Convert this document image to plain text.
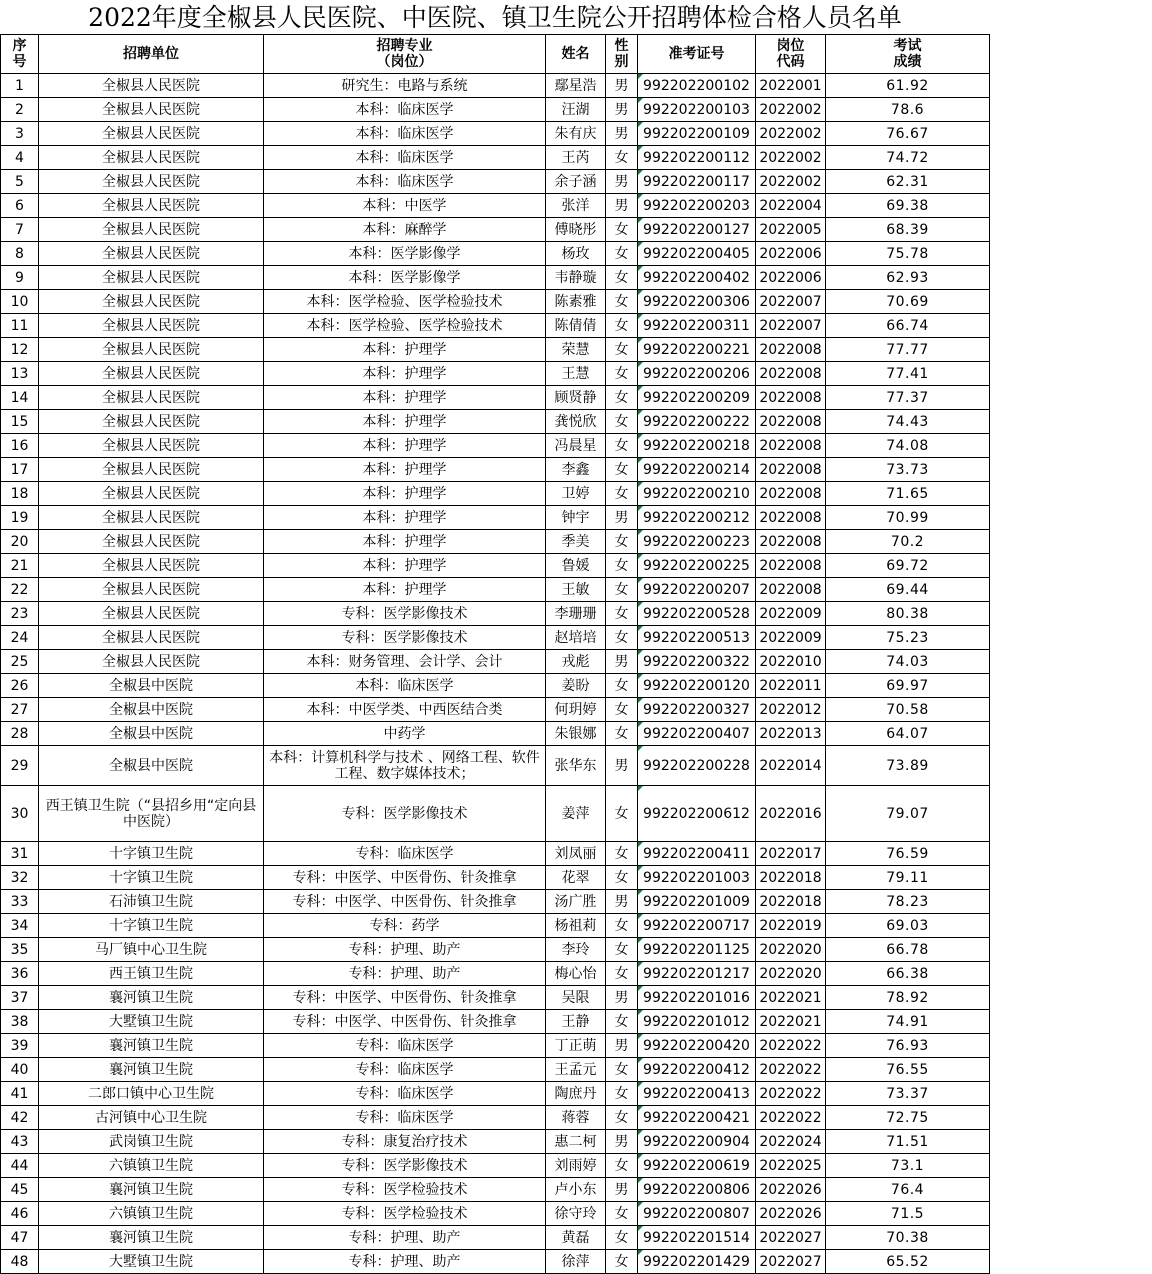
2022年度全椒县人民医院、中医院、镇卫生院公开招聘体检合格人员名单
序号	招聘单位	招聘专业（岗位）	姓名	性别	准考证号	岗位代码	考试成绩
1	全椒县人民医院	研究生：电路与系统	鄢星浩	男	992202200102	2022001	61.92
2	全椒县人民医院	本科：临床医学	汪湖	男	992202200103	2022002	78.6
3	全椒县人民医院	本科：临床医学	朱有庆	男	992202200109	2022002	76.67
4	全椒县人民医院	本科：临床医学	王芮	女	992202200112	2022002	74.72
5	全椒县人民医院	本科：临床医学	余子涵	男	992202200117	2022002	62.31
6	全椒县人民医院	本科：中医学	张洋	男	992202200203	2022004	69.38
7	全椒县人民医院	本科：麻醉学	傅晓彤	女	992202200127	2022005	68.39
8	全椒县人民医院	本科：医学影像学	杨玫	女	992202200405	2022006	75.78
9	全椒县人民医院	本科：医学影像学	韦静璇	女	992202200402	2022006	62.93
10	全椒县人民医院	本科：医学检验、医学检验技术	陈素雅	女	992202200306	2022007	70.69
11	全椒县人民医院	本科：医学检验、医学检验技术	陈倩倩	女	992202200311	2022007	66.74
12	全椒县人民医院	本科：护理学	荣慧	女	992202200221	2022008	77.77
13	全椒县人民医院	本科：护理学	王慧	女	992202200206	2022008	77.41
14	全椒县人民医院	本科：护理学	顾贤静	女	992202200209	2022008	77.37
15	全椒县人民医院	本科：护理学	龚悦欣	女	992202200222	2022008	74.43
16	全椒县人民医院	本科：护理学	冯晨星	女	992202200218	2022008	74.08
17	全椒县人民医院	本科：护理学	李鑫	女	992202200214	2022008	73.73
18	全椒县人民医院	本科：护理学	卫婷	女	992202200210	2022008	71.65
19	全椒县人民医院	本科：护理学	钟宇	男	992202200212	2022008	70.99
20	全椒县人民医院	本科：护理学	季美	女	992202200223	2022008	70.2
21	全椒县人民医院	本科：护理学	鲁媛	女	992202200225	2022008	69.72
22	全椒县人民医院	本科：护理学	王敏	女	992202200207	2022008	69.44
23	全椒县人民医院	专科：医学影像技术	李珊珊	女	992202200528	2022009	80.38
24	全椒县人民医院	专科：医学影像技术	赵培培	女	992202200513	2022009	75.23
25	全椒县人民医院	本科：财务管理、会计学、会计	戎彪	男	992202200322	2022010	74.03
26	全椒县中医院	本科：临床医学	姜盼	女	992202200120	2022011	69.97
27	全椒县中医院	本科：中医学类、中西医结合类	何玥婷	女	992202200327	2022012	70.58
28	全椒县中医院	中药学	朱银娜	女	992202200407	2022013	64.07
29	全椒县中医院	本科：计算机科学与技术 、网络工程、软件工程、数字媒体技术；	张华东	男	992202200228	2022014	73.89
30	西王镇卫生院（“县招乡用“定向县中医院）	专科：医学影像技术	姜萍	女	992202200612	2022016	79.07
31	十字镇卫生院	专科：临床医学	刘凤丽	女	992202200411	2022017	76.59
32	十字镇卫生院	专科：中医学、中医骨伤、针灸推拿	花翠	女	992202201003	2022018	79.11
33	石沛镇卫生院	专科：中医学、中医骨伤、针灸推拿	汤广胜	男	992202201009	2022018	78.23
34	十字镇卫生院	专科：药学	杨祖莉	女	992202200717	2022019	69.03
35	马厂镇中心卫生院	专科：护理、助产	李玲	女	992202201125	2022020	66.78
36	西王镇卫生院	专科：护理、助产	梅心怡	女	992202201217	2022020	66.38
37	襄河镇卫生院	专科：中医学、中医骨伤、针灸推拿	吴限	男	992202201016	2022021	78.92
38	大墅镇卫生院	专科：中医学、中医骨伤、针灸推拿	王静	女	992202201012	2022021	74.91
39	襄河镇卫生院	专科：临床医学	丁正萌	男	992202200420	2022022	76.93
40	襄河镇卫生院	专科：临床医学	王孟元	女	992202200412	2022022	76.55
41	二郎口镇中心卫生院	专科：临床医学	陶庶丹	女	992202200413	2022022	73.37
42	古河镇中心卫生院	专科：临床医学	蒋蓉	女	992202200421	2022022	72.75
43	武岗镇卫生院	专科：康复治疗技术	惠二柯	男	992202200904	2022024	71.51
44	六镇镇卫生院	专科：医学影像技术	刘雨婷	女	992202200619	2022025	73.1
45	襄河镇卫生院	专科：医学检验技术	卢小东	男	992202200806	2022026	76.4
46	六镇镇卫生院	专科：医学检验技术	徐守玲	女	992202200807	2022026	71.5
47	襄河镇卫生院	专科：护理、助产	黄磊	女	992202201514	2022027	70.38
48	大墅镇卫生院	专科：护理、助产	徐萍	女	992202201429	2022027	65.52
